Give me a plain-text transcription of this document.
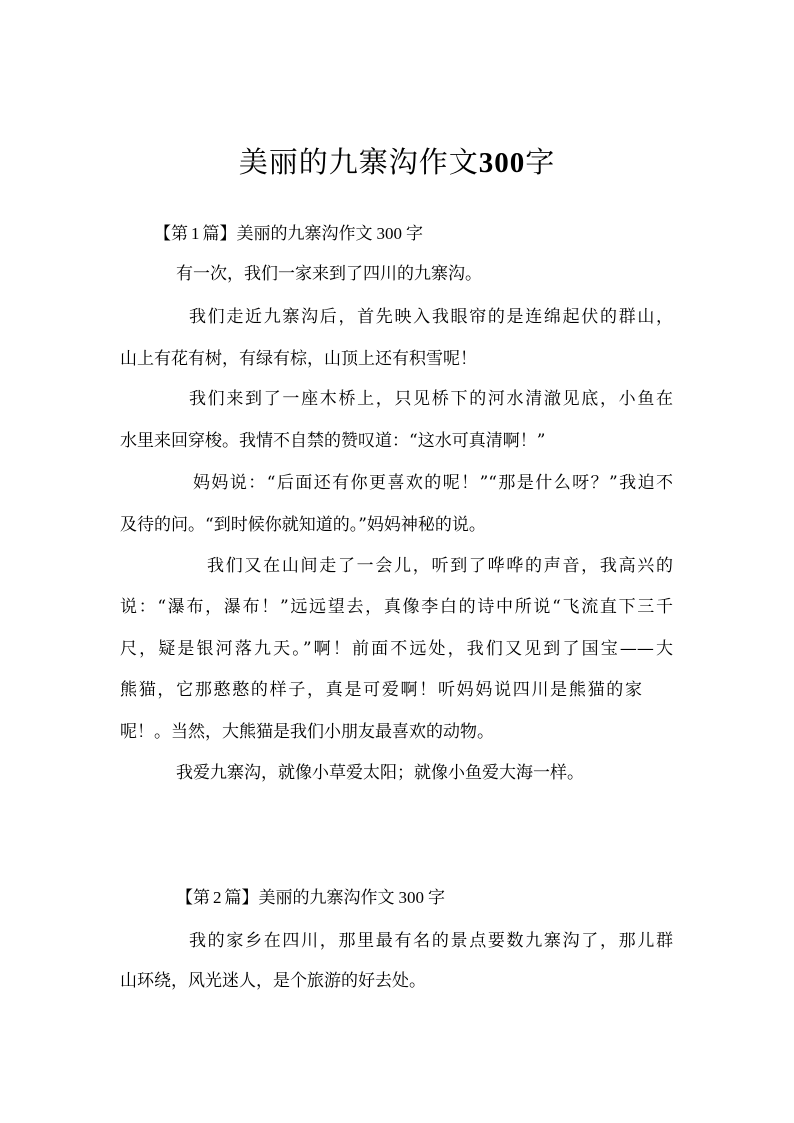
美丽的九寨沟作文300字
【第 1 篇】美丽的九寨沟作文 300 字
有一次，我们一家来到了四川的九寨沟。
我们走近九寨沟后，首先映入我眼帘的是连绵起伏的群山，
山上有花有树，有绿有棕，山顶上还有积雪呢！
我们来到了一座木桥上，只见桥下的河水清澈见底，小鱼在
水里来回穿梭。我情不自禁的赞叹道：“这水可真清啊！”
妈妈说：“后面还有你更喜欢的呢！”“那是什么呀？”我迫不
及待的问。“到时候你就知道的。”妈妈神秘的说。
我们又在山间走了一会儿，听到了哗哗的声音，我高兴的
说：“瀑布，瀑布！”远远望去，真像李白的诗中所说“飞流直下三千
尺，疑是银河落九天。”啊！前面不远处，我们又见到了国宝——大
熊猫，它那憨憨的样子，真是可爱啊！听妈妈说四川是熊猫的家
呢！。当然，大熊猫是我们小朋友最喜欢的动物。
我爱九寨沟，就像小草爱太阳；就像小鱼爱大海一样。
【第 2 篇】美丽的九寨沟作文 300 字
我的家乡在四川，那里最有名的景点要数九寨沟了，那儿群
山环绕，风光迷人，是个旅游的好去处。
